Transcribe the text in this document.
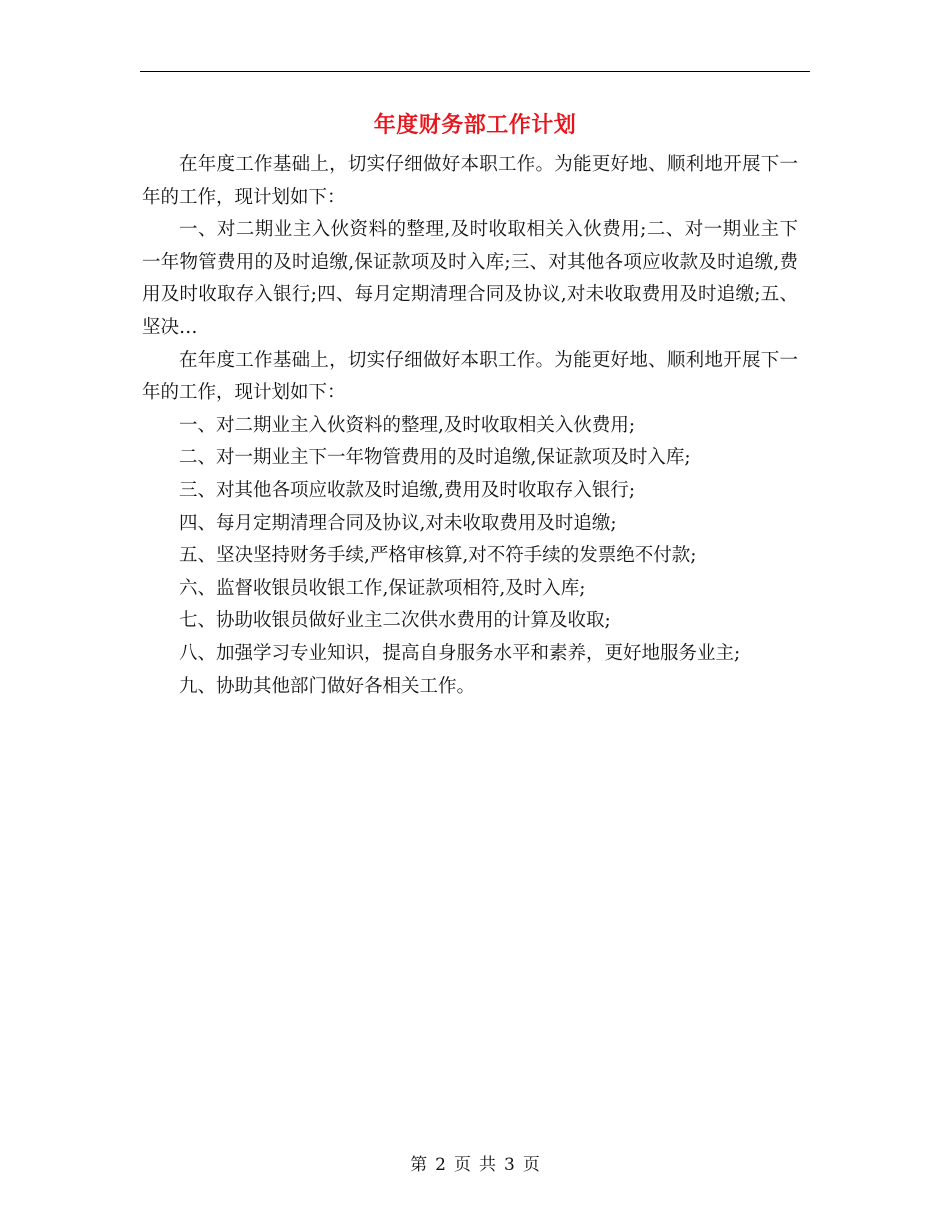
年度财务部工作计划

在年度工作基础上，切实仔细做好本职工作。为能更好地、顺利地开展下一年的工作，现计划如下：

一、对二期业主入伙资料的整理,及时收取相关入伙费用;二、对一期业主下一年物管费用的及时追缴,保证款项及时入库;三、对其他各项应收款及时追缴,费用及时收取存入银行;四、每月定期清理合同及协议,对未收取费用及时追缴;五、坚决…

在年度工作基础上，切实仔细做好本职工作。为能更好地、顺利地开展下一年的工作，现计划如下：

一、对二期业主入伙资料的整理,及时收取相关入伙费用;

二、对一期业主下一年物管费用的及时追缴,保证款项及时入库;

三、对其他各项应收款及时追缴,费用及时收取存入银行;

四、每月定期清理合同及协议,对未收取费用及时追缴;

五、坚决坚持财务手续,严格审核算,对不符手续的发票绝不付款;

六、监督收银员收银工作,保证款项相符,及时入库;

七、协助收银员做好业主二次供水费用的计算及收取;

八、加强学习专业知识，提高自身服务水平和素养，更好地服务业主;

九、协助其他部门做好各相关工作。

第 2 页 共 3 页
